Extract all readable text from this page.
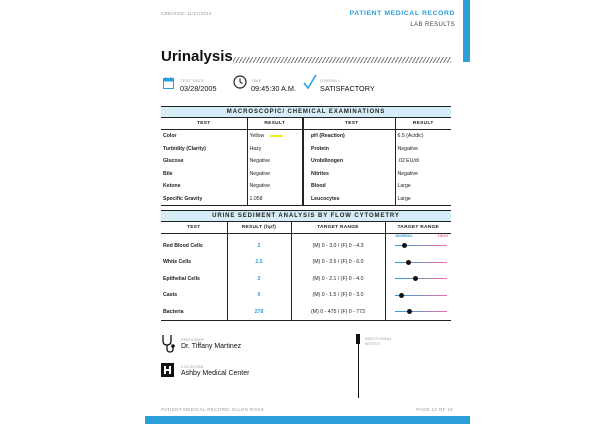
CREATED: 11/27/2012	PATIENT MEDICAL RECORD
LAB RESULTS
Urinalysis
TEST DATE
03/28/2005
TIME
09:45:30 A.M.
OVERALL
SATISFACTORY
MACROSCOPIC/ CHEMICAL EXAMINATIONS
TEST	RESULT		TEST	RESULT
Color	Yellow		pH (Reaction)	6.5 (Acidic)
Turbidity (Clarity)	Hazy		Protein	Negative
Glucose	Negative		Urobilinogen	.02 EU/dl
Bile	Negative		Nitrites	Negative
Ketone	Negative		Blood	Large
Specific Gravity	1.058		Leucocytes	Large
URINE SEDIMENT ANALYSIS BY FLOW CYTOMETRY
TEST	RESULT (hpf)	TARGET RANGE	TARGET RANGE

			NORMAL HIGH

Red Blood Cells	2	(M) 0 - 3.0 / (F) 0 - 4.3	

White Cells	2.5	(M) 0 - 3.5 / (F) 0 - 6.0	

Epithelial Cells	2	(M) 0 - 2.1 / (F) 0 - 4.0	

Casts	0	(M) 0 - 1.5 / (F) 0 - 3.0	

Bacteria	278	(M) 0 - 475 / (F) 0 - 773	
PROVIDER
Dr. Tiffany Martinez
LOCATION
Ashby Medical Center
ADDITIONAL
NOTES
PATIENT MEDICAL RECORD: ELLEN ROSS	PAGE 12 OF 15
